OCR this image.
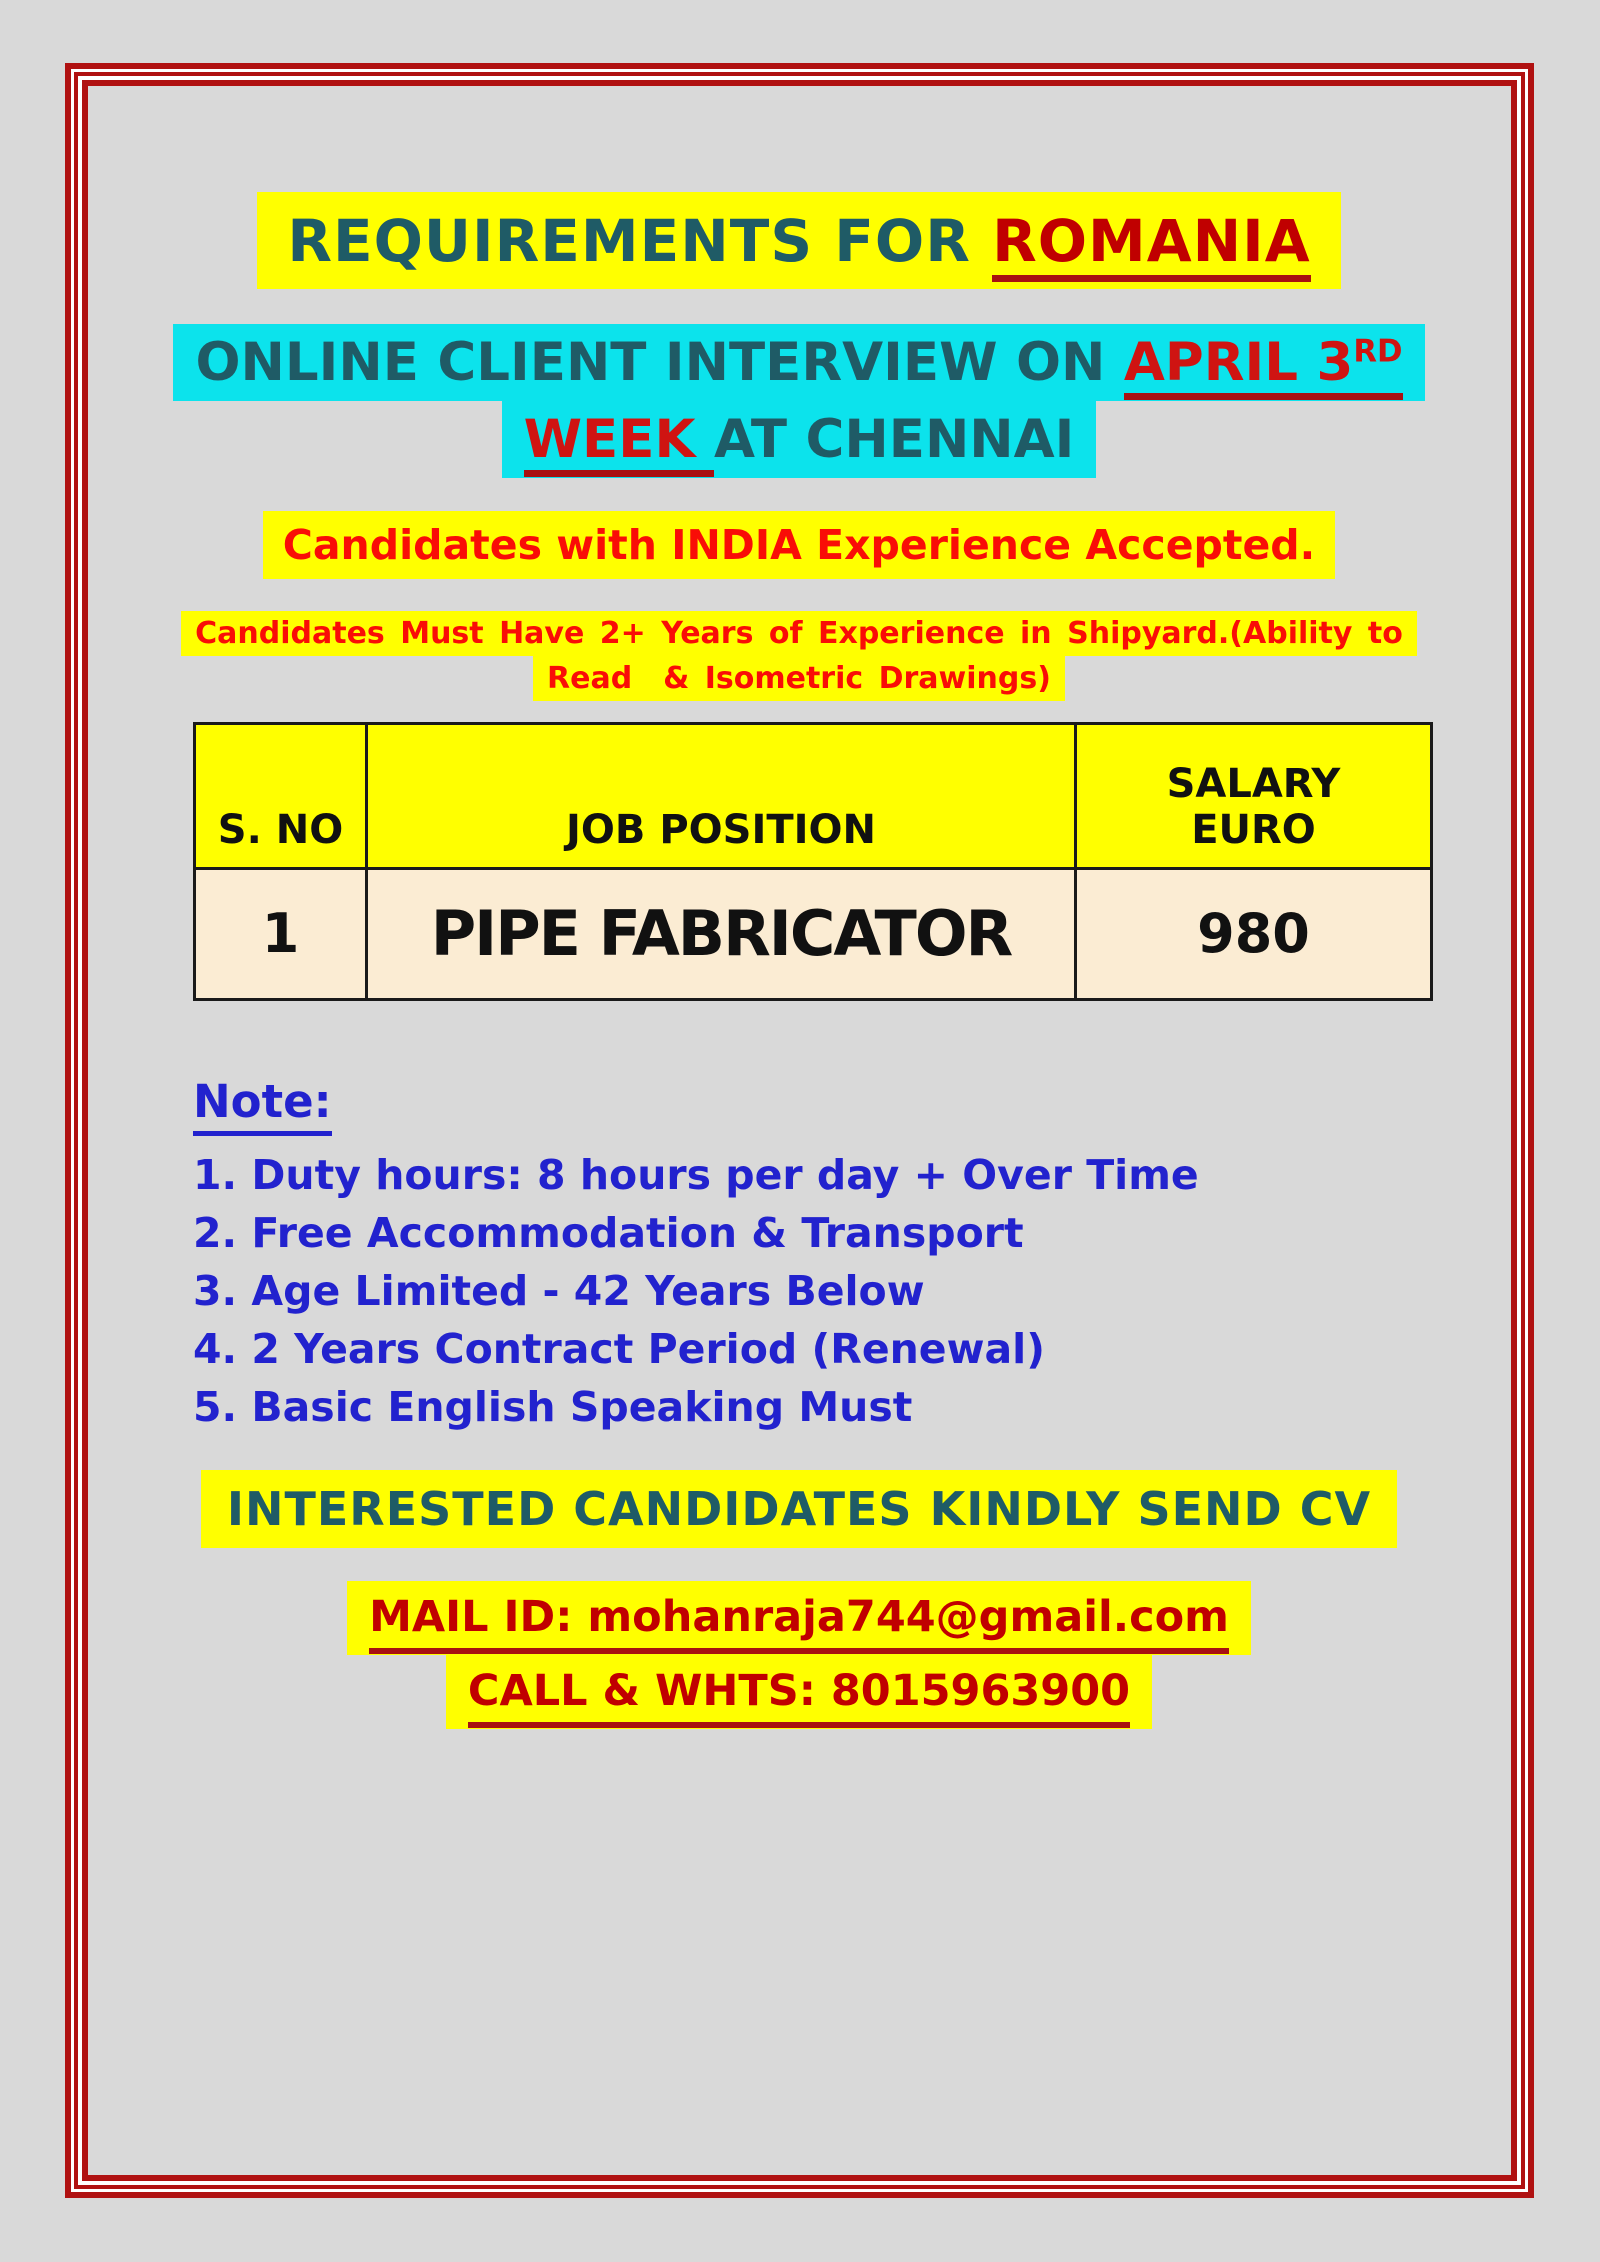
REQUIREMENTS FOR ROMANIA
ONLINE CLIENT INTERVIEW ON APRIL 3RD
WEEK AT CHENNAI
Candidates with INDIA Experience Accepted.
Candidates Must Have 2+ Years of Experience in Shipyard.(Ability to
Read  & Isometric Drawings)
S. NO	JOB POSITION	SALARY
EURO

1	PIPE FABRICATOR	980
Note:
1. Duty hours: 8 hours per day + Over Time
2. Free Accommodation & Transport
3. Age Limited - 42 Years Below
4. 2 Years Contract Period (Renewal)
5. Basic English Speaking Must
INTERESTED CANDIDATES KINDLY SEND CV
MAIL ID: mohanraja744@gmail.com
CALL & WHTS: 8015963900
